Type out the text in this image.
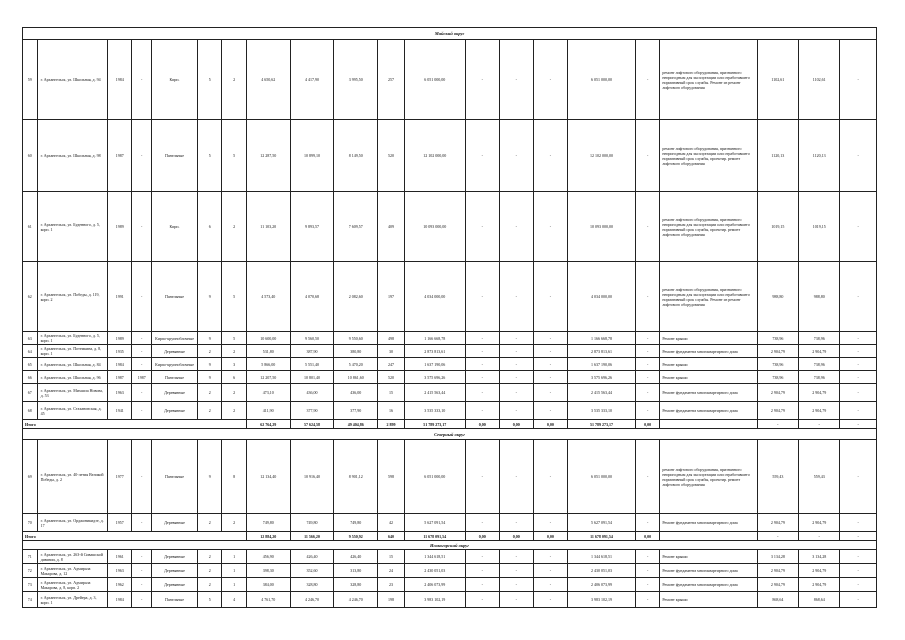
Майский округ																				
59	г. Архангельск, ул. Школьная, д. 94	1984	-	Кирп.	5	2	4 650,62	4 417,90	3 995,50	257	6 051 000,00	-	-	-	6 051 000,00	-	ремонт лифтового оборудования, признанного непригодным для эксплуатации или отработавшего нормативный срок службы. Ремонт из ремонт лифтового оборудования	1102,61	1102,61	-
60	г. Архангельск, ул. Школьная, д. 98	1987	-	Панельные	5	5	12 287,50	10 899,10	8 149,50	520	12 102 000,00	-	-	-	12 102 000,00	-	ремонт лифтового оборудования, признанного непригодным для эксплуатации или отработавшего нормативный срок службы, проектир. ремонт лифтового оборудования	1120,13	1120,13	-
61	г. Архангельск, ул. Буденного, д. 5, корп. 1	1989	-	Кирп.	6	2	11 103,20	9 893,57	7 609,57	409	10 093 000,00	-	-	-	10 093 000,00	-	ремонт лифтового оборудования, признанного непригодным для эксплуатации или отработавшего нормативный срок службы, проектир. ремонт лифтового оборудования	1019,15	1019,15	-
62	г. Архангельск, ул. Победы, д. 119, корп. 2	1991	-	Панельные	9	5	4 573,40	4 070,68	2 082,60	197	4 034 000,00	-	-	-	4 034 000,00	-	ремонт лифтового оборудования, признанного непригодным для эксплуатации или отработавшего нормативный срок службы. Ремонт из ремонт лифтового оборудования	988,80	988,80	-
63	г. Архангельск, ул. Буденного, д. 5, корп. 1	1989	-	Кирпо-крупноблочные	9	5	10 600,00	9 560,50	9 550,60	498	1 166 668,78	-	-	-	1 166 668,78	-	Ремонт крыши	738,96	738,96	-
64	г. Архангельск, ул. Потемкина, д. 8, корп. 1	1935	-	Деревянные	2	2	531,80	387,90	380,80	30	2 873 813,61	-	-	-	2 873 813,61	-	Ремонт фундамента многоквартирного дома	2 904,79	2 904,79	-
65	г. Архангельск, ул. Школьная, д. 84	1984	-	Кирпо-крупноблочные	9	3	5 866,00	5 551,40	5 470,20	247	1 637 190,06	-	-	-	1 637 190,06	-	Ремонт крыши	738,96	738,96	-
66	г. Архангельск, ул. Школьная, д. 96	1987	1987	Панельные	9	6	12 207,50	10 801,40	10 861,60	520	3 575 696,26	-	-	-	3 575 696,26	-	Ремонт крыши	738,96	738,96	-
67	г. Архангельск, ул. Михаила Новова, д. 53	1963	-	Деревянные	2	2	473,10	436,00	436,00	15	2 415 563,44	-	-	-	2 415 563,44	-	Ремонт фундамента многоквартирного дома	2 904,79	2 904,79	-
68	г. Архангельск, ул. Стахановская, д. 45	1941	-	Деревянные	2	2	411,90	377,90	377,90	16	3 535 333,10	-	-	-	3 535 333,10	-	Ремонт фундамента многоквартирного дома	2 904,79	2 904,79	-
Итого							62 764,29	57 624,58	49 404,86	2 899	51 789 273,17	0,00	0,00	0,00	51 789 273,17	0,00		-	-	-
Северный округ																				
69	г. Архангельск, ул. 40-летия Великой Победы, д. 2	1977	-	Панельные	9	8	12 134,40	10 916,40	8 901,12	598	6 051 000,00	-	-	-	6 051 000,00	-	ремонт лифтового оборудования, признанного непригодным для эксплуатации или отработавшего нормативный срок службы, проектир. ремонт лифтового оборудования	559,43	559,43	-
70	г. Архангельск, ул. Орджоникидзе, д. 17	1957	-	Деревянные	2	2	749,80	749,80	749,80	42	5 627 091,54	-	-	-	5 627 091,54	-	Ремонт фундамента многоквартирного дома	2 904,79	2 904,79	-
Итого							12 884,20	11 566,20	9 550,92	640	11 678 091,54	0,00	0,00	0,00	11 678 091,54	0,00		-	-	-
Исакогорский округ																				
71	г. Архангельск, ул. 263-й Сивашской дивизии, д. 8	1961	-	Деревянные	2	1	456,90	426,40	426,40	15	1 344 618,51	-	-	-	1 344 618,51	-	Ремонт крыши	3 134,28	3 134,28	-
72	г. Архангельск, ул. Адмирала Макарова, д. 12	1963	-	Деревянные	2	1	398,30	352,60	313,80	24	2 430 051,03	-	-	-	2 430 051,03	-	Ремонт фундамента многоквартирного дома	2 904,79	2 904,79	-
73	г. Архангельск, ул. Адмирала Макарова, д. 8, корп. 2	1962	-	Деревянные	2	1	384,00	328,80	328,80	23	2 406 073,99	-	-	-	2 406 073,99	-	Ремонт фундамента многоквартирного дома	2 904,79	2 904,79	-
74	г. Архангельск, ул. Дрейера, д. 3, корп. 1	1984	-	Панельные	5	4	4 761,70	4 246,70	4 246,70	198	3 983 102,19	-	-	-	3 983 102,19	-	Ремонт крыши	868,64	868,64	-
